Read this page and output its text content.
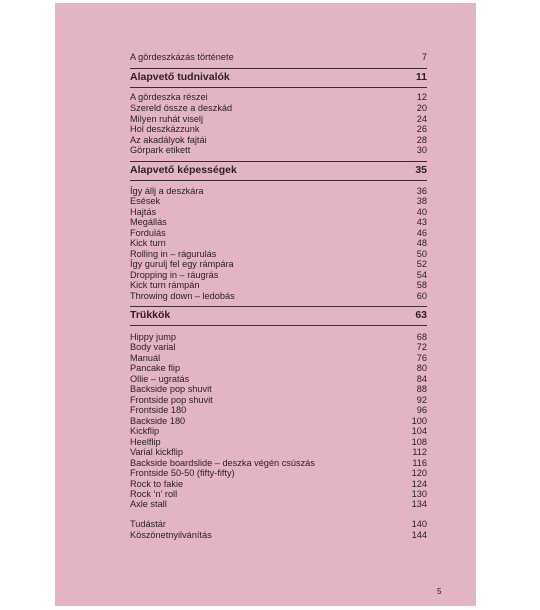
A gördeszkázás története	7
Alapvető tudnivalók	11
A gördeszka részei	12
Szereld össze a deszkád	20
Milyen ruhát viselj	24
Hol deszkázzunk	26
Az akadályok fajtái	28
Görpark etikett	30
Alapvető képességek	35
Így állj a deszkára	36
Esések	38
Hajtás	40
Megállás	43
Fordulás	46
Kick turn	48
Rolling in – rágurulás	50
Így gurulj fel egy rámpára	52
Dropping in – ráugrás	54
Kick turn rámpán	58
Throwing down – ledobás	60
Trükkök	63
Hippy jump	68
Body varial	72
Manuál	76
Pancake flip	80
Ollie – ugratás	84
Backside pop shuvit	88
Frontside pop shuvit	92
Frontside 180	96
Backside 180	100
Kickflip	104
Heelflip	108
Varial kickflip	112
Backside boardslide – deszka végén csúszás	116
Frontside 50-50 (fifty-fifty)	120
Rock to fakie	124
Rock ‘n’ roll	130
Axle stall	134
Tudástár	140
Köszönetnyilvánítás	144
5
